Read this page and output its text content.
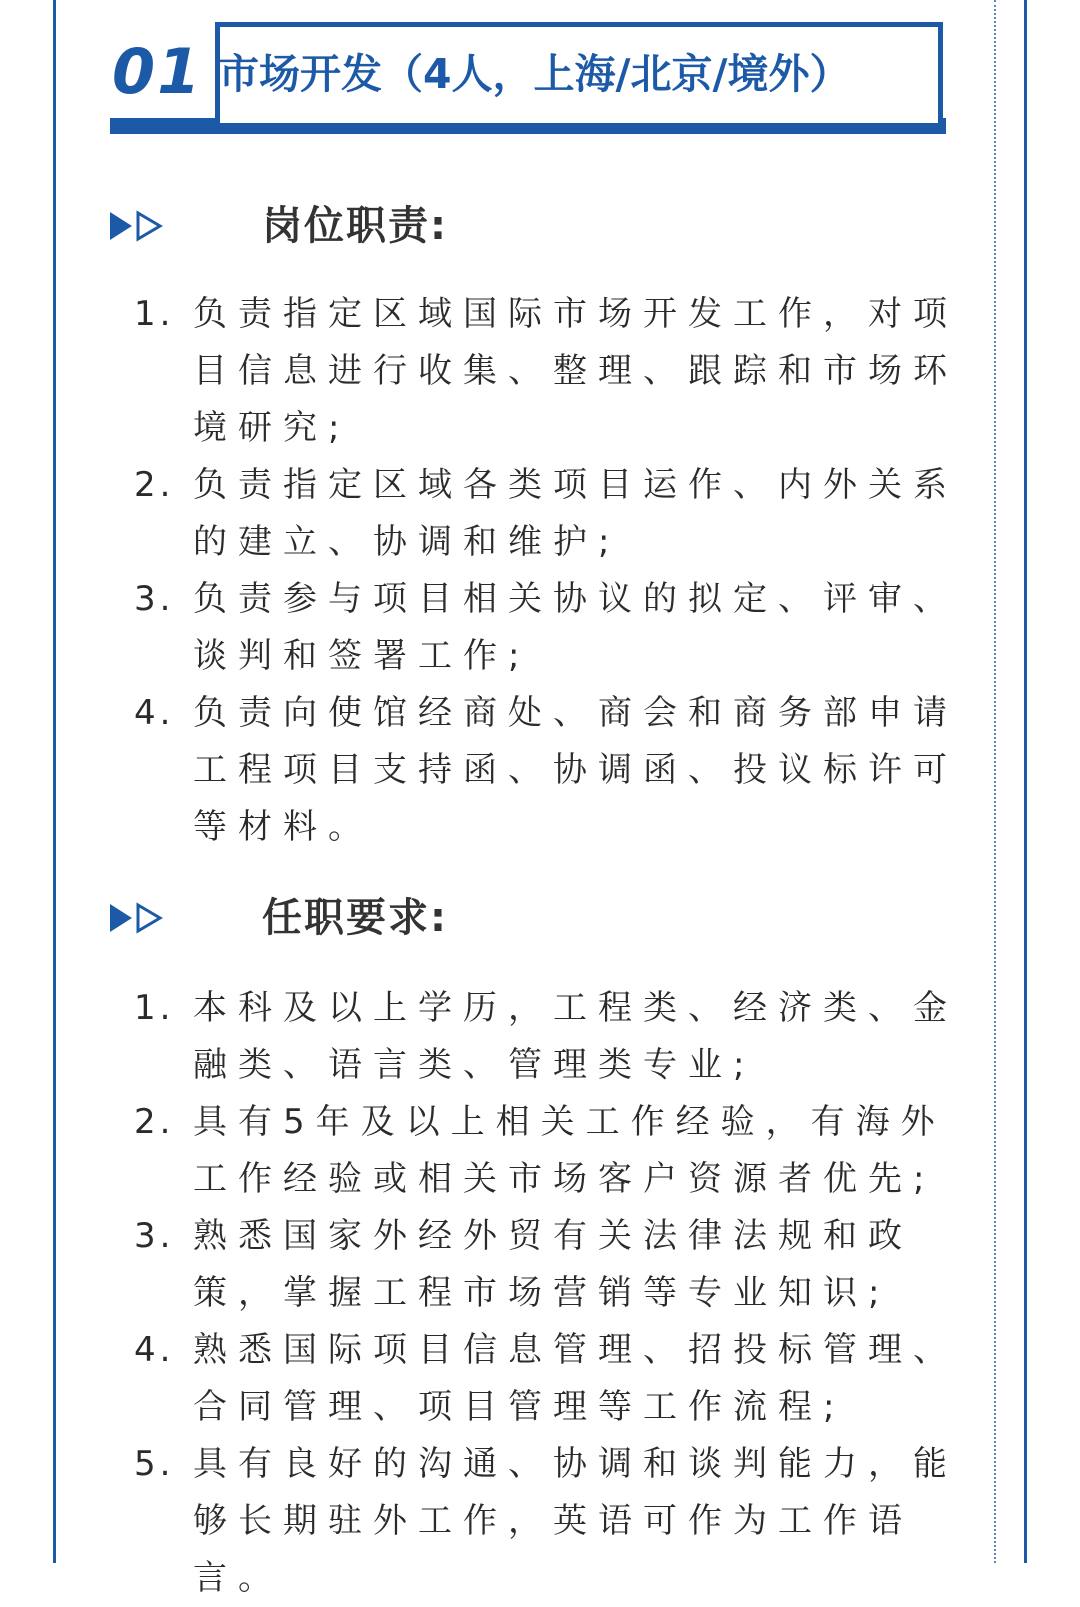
01 市场开发（4人，上海/北京/境外）
岗位职责:
1. 负责指定区域国际市场开发工作，对项目信息进行收集、整理、跟踪和市场环境研究;
2. 负责指定区域各类项目运作、内外关系的建立、协调和维护;
3. 负责参与项目相关协议的拟定、评审、谈判和签署工作;
4. 负责向使馆经商处、商会和商务部申请工程项目支持函、协调函、投议标许可等材料。
任职要求:
1. 本科及以上学历，工程类、经济类、金融类、语言类、管理类专业;
2. 具有5年及以上相关工作经验，有海外工作经验或相关市场客户资源者优先;
3. 熟悉国家外经外贸有关法律法规和政策，掌握工程市场营销等专业知识;
4. 熟悉国际项目信息管理、招投标管理、合同管理、项目管理等工作流程;
5. 具有良好的沟通、协调和谈判能力，能够长期驻外工作，英语可作为工作语言。
